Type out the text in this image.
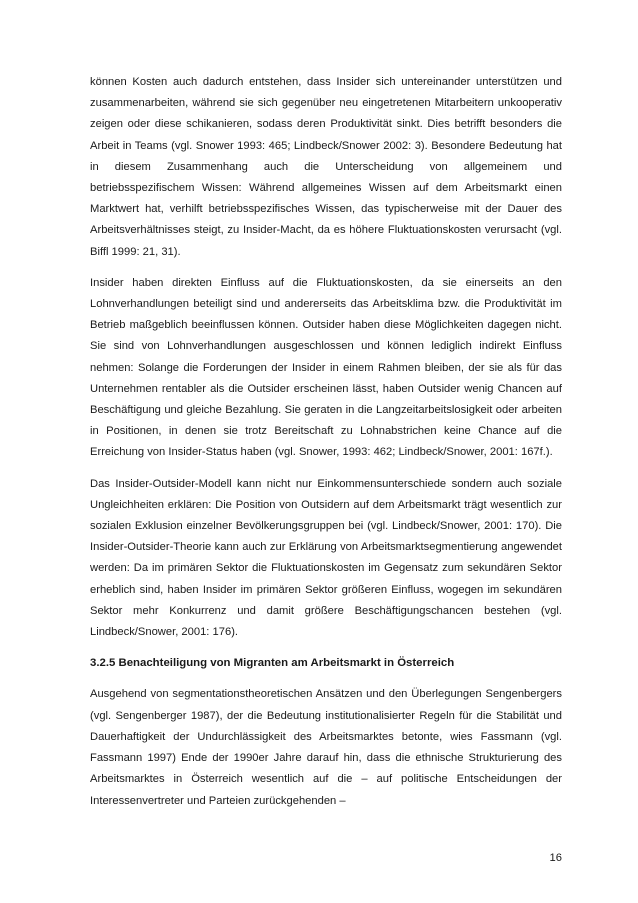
können Kosten auch dadurch entstehen, dass Insider sich untereinander unterstützen und zusammenarbeiten, während sie sich gegenüber neu eingetretenen Mitarbeitern unkooperativ zeigen oder diese schikanieren, sodass deren Produktivität sinkt. Dies betrifft besonders die Arbeit in Teams (vgl. Snower 1993: 465; Lindbeck/Snower 2002: 3). Besondere Bedeutung hat in diesem Zusammenhang auch die Unterscheidung von allgemeinem und betriebsspezifischem Wissen: Während allgemeines Wissen auf dem Arbeitsmarkt einen Marktwert hat, verhilft betriebsspezifisches Wissen, das typischerweise mit der Dauer des Arbeitsverhältnisses steigt, zu Insider-Macht, da es höhere Fluktuationskosten verursacht (vgl. Biffl 1999: 21, 31).

Insider haben direkten Einfluss auf die Fluktuationskosten, da sie einerseits an den Lohnverhandlungen beteiligt sind und andererseits das Arbeitsklima bzw. die Produktivität im Betrieb maßgeblich beeinflussen können. Outsider haben diese Möglichkeiten dagegen nicht. Sie sind von Lohnverhandlungen ausgeschlossen und können lediglich indirekt Einfluss nehmen: Solange die Forderungen der Insider in einem Rahmen bleiben, der sie als für das Unternehmen rentabler als die Outsider erscheinen lässt, haben Outsider wenig Chancen auf Beschäftigung und gleiche Bezahlung. Sie geraten in die Langzeitarbeitslosigkeit oder arbeiten in Positionen, in denen sie trotz Bereitschaft zu Lohnabstrichen keine Chance auf die Erreichung von Insider-Status haben (vgl. Snower, 1993: 462; Lindbeck/Snower, 2001: 167f.).

Das Insider-Outsider-Modell kann nicht nur Einkommensunterschiede sondern auch soziale Ungleichheiten erklären: Die Position von Outsidern auf dem Arbeitsmarkt trägt wesentlich zur sozialen Exklusion einzelner Bevölkerungsgruppen bei (vgl. Lindbeck/Snower, 2001: 170). Die Insider-Outsider-Theorie kann auch zur Erklärung von Arbeitsmarktsegmentierung angewendet werden: Da im primären Sektor die Fluktuationskosten im Gegensatz zum sekundären Sektor erheblich sind, haben Insider im primären Sektor größeren Einfluss, wogegen im sekundären Sektor mehr Konkurrenz und damit größere Beschäftigungschancen bestehen (vgl. Lindbeck/Snower, 2001: 176).

3.2.5 Benachteiligung von Migranten am Arbeitsmarkt in Österreich

Ausgehend von segmentationstheoretischen Ansätzen und den Überlegungen Sengenbergers (vgl. Sengenberger 1987), der die Bedeutung institutionalisierter Regeln für die Stabilität und Dauerhaftigkeit der Undurchlässigkeit des Arbeitsmarktes betonte, wies Fassmann (vgl. Fassmann 1997) Ende der 1990er Jahre darauf hin, dass die ethnische Strukturierung des Arbeitsmarktes in Österreich wesentlich auf die – auf politische Entscheidungen der Interessenvertreter und Parteien zurückgehenden –

16
